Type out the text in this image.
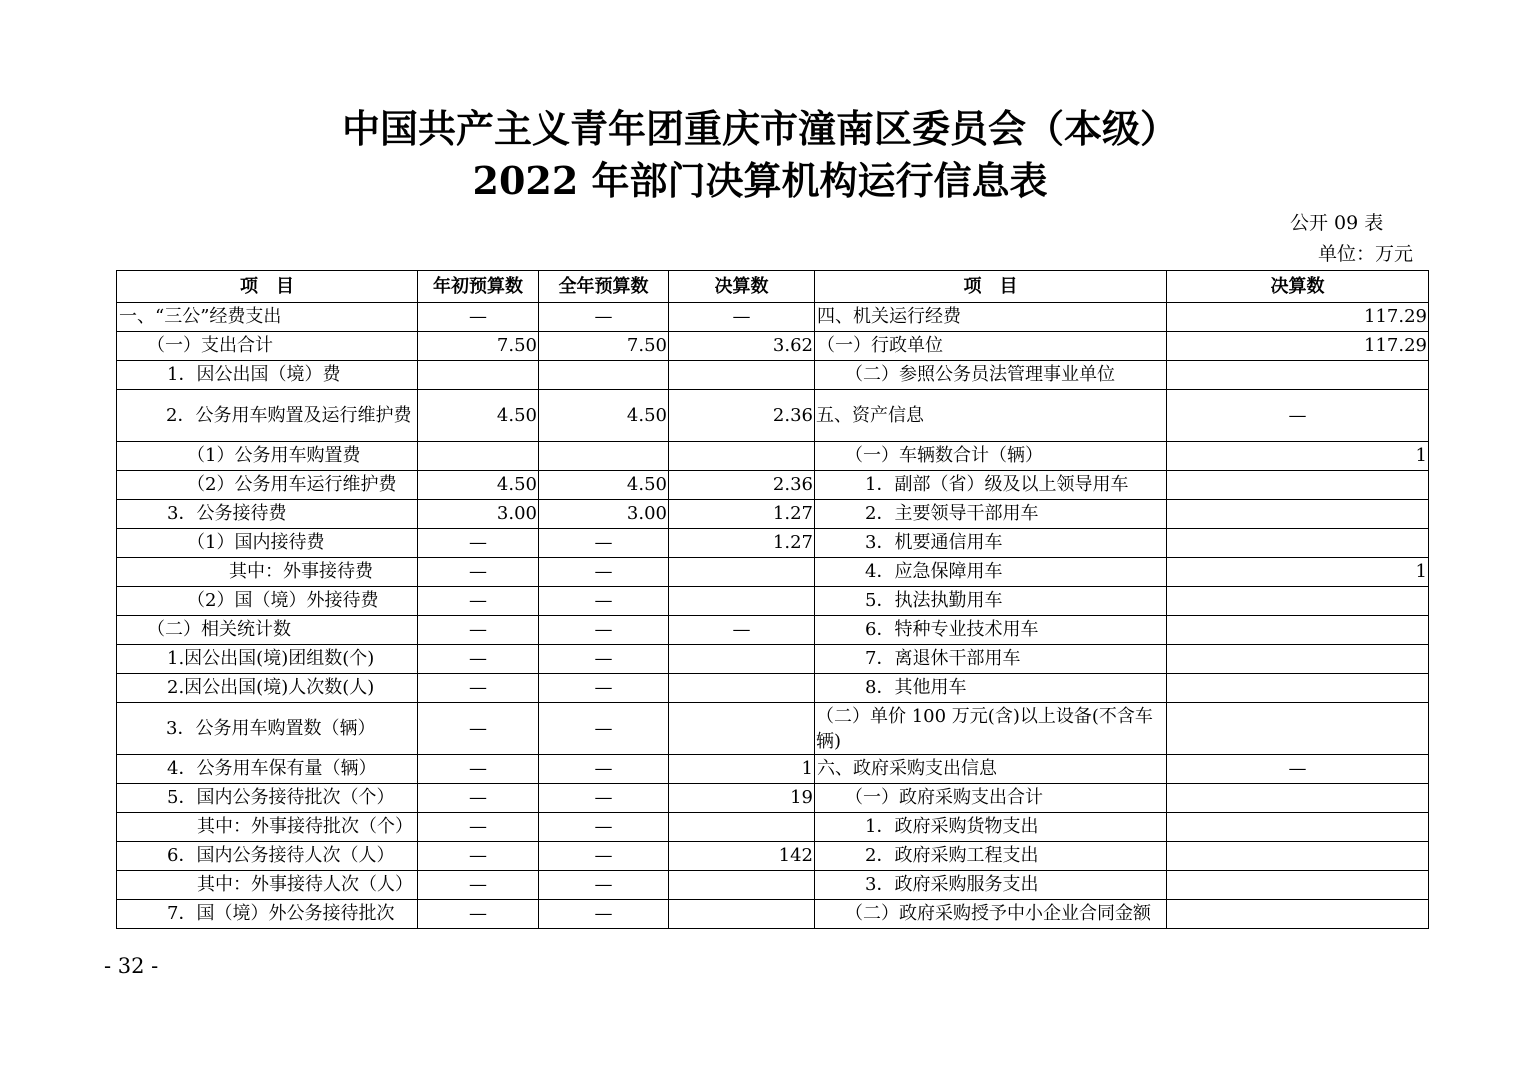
中国共产主义青年团重庆市潼南区委员会（本级）
2022 年部门决算机构运行信息表
公开 09 表
单位：万元
项　目	年初预算数	全年预算数	决算数	项　目	决算数
一、“三公”经费支出	—	—	—	四、机关运行经费	117.29
（一）支出合计	7.50	7.50	3.62	（一）行政单位	117.29
1．因公出国（境）费				（二）参照公务员法管理事业单位	
2．公务用车购置及运行维护费	4.50	4.50	2.36	五、资产信息	—
（1）公务用车购置费				（一）车辆数合计（辆）	1
（2）公务用车运行维护费	4.50	4.50	2.36	1．副部（省）级及以上领导用车	
3．公务接待费	3.00	3.00	1.27	2．主要领导干部用车	
（1）国内接待费	—	—	1.27	3．机要通信用车	
其中：外事接待费	—	—		4．应急保障用车	1
（2）国（境）外接待费	—	—		5．执法执勤用车	
（二）相关统计数	—	—	—	6．特种专业技术用车	
1.因公出国(境)团组数(个)	—	—		7．离退休干部用车	
2.因公出国(境)人次数(人)	—	—		8．其他用车	
3．公务用车购置数（辆）	—	—		（二）单价 100 万元(含)以上设备(不含车辆)	
4．公务用车保有量（辆）	—	—	1	六、政府采购支出信息	—
5．国内公务接待批次（个）	—	—	19	（一）政府采购支出合计	
其中：外事接待批次（个）	—	—		1．政府采购货物支出	
6．国内公务接待人次（人）	—	—	142	2．政府采购工程支出	
其中：外事接待人次（人）	—	—		3．政府采购服务支出	
7．国（境）外公务接待批次	—	—		（二）政府采购授予中小企业合同金额	
- 32 -
